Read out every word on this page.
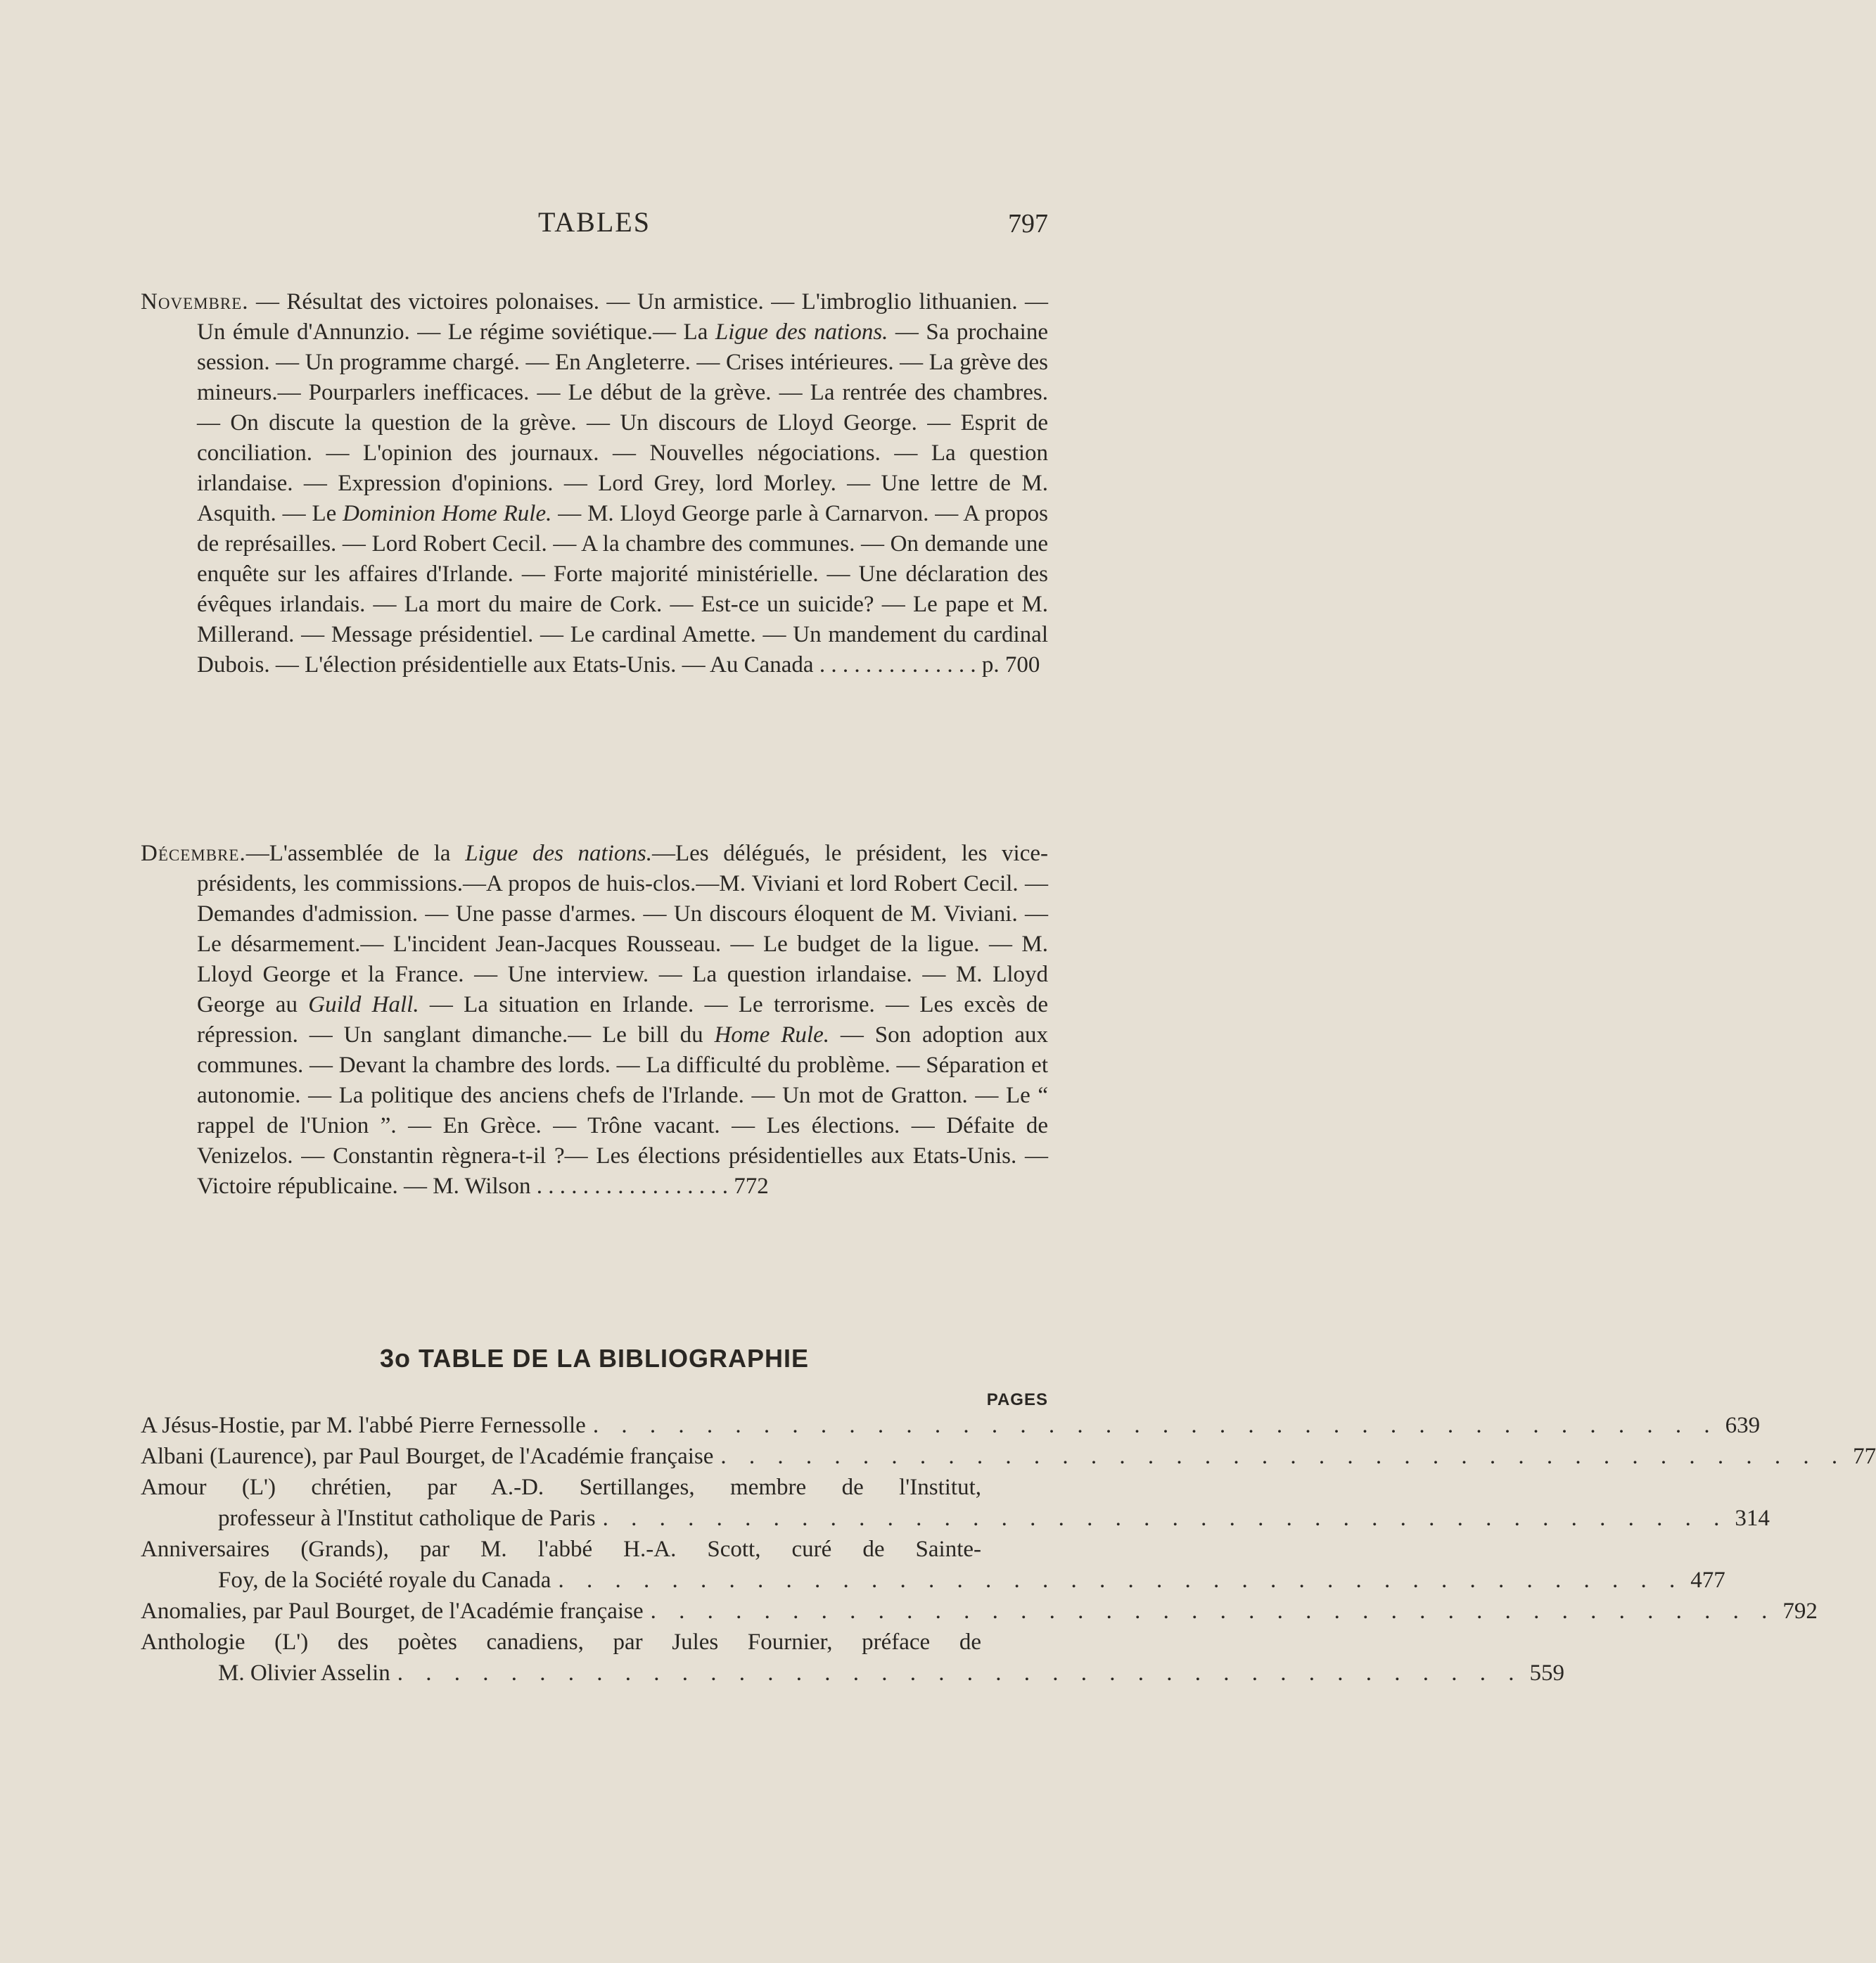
TABLES	797

Novembre. — Résultat des victoires polonaises. — Un armistice. — L'imbroglio lithuanien. — Un émule d'Annunzio. — Le régime soviétique.— La Ligue des nations. — Sa prochaine session. — Un programme chargé. — En Angleterre. — Crises intérieures. — La grève des mineurs.— Pourparlers inefficaces. — Le début de la grève. — La rentrée des chambres. — On discute la question de la grève. — Un discours de Lloyd George. — Esprit de conciliation. — L'opinion des journaux. — Nouvelles négociations. — La question irlandaise. — Expression d'opinions. — Lord Grey, lord Morley. — Une lettre de M. Asquith. — Le Dominion Home Rule. — M. Lloyd George parle à Carnarvon. — A propos de représailles. — Lord Robert Cecil. — A la chambre des communes. — On demande une enquête sur les affaires d'Irlande. — Forte majorité ministérielle. — Une déclaration des évêques irlandais. — La mort du maire de Cork. — Est-ce un suicide? — Le pape et M. Millerand. — Message présidentiel. — Le cardinal Amette. — Un mandement du cardinal Dubois. — L'élection présidentielle aux Etats-Unis. — Au Canada . . . . . . . . . . . . . . p. 700

Décembre.—L'assemblée de la Ligue des nations.—Les délégués, le président, les vice-présidents, les commissions.—A propos de huis-clos.—M. Viviani et lord Robert Cecil. — Demandes d'admission. — Une passe d'armes. — Un discours éloquent de M. Viviani. — Le désarmement.— L'incident Jean-Jacques Rousseau. — Le budget de la ligue. — M. Lloyd George et la France. — Une interview. — La question irlandaise. — M. Lloyd George au Guild Hall. — La situation en Irlande. — Le terrorisme. — Les excès de répression. — Un sanglant dimanche.— Le bill du Home Rule. — Son adoption aux communes. — Devant la chambre des lords. — La difficulté du problème. — Séparation et autonomie. — La politique des anciens chefs de l'Irlande. — Un mot de Gratton. — Le “ rappel de l'Union ”. — En Grèce. — Trône vacant. — Les élections. — Défaite de Venizelos. — Constantin règnera-t-il ?— Les élections présidentielles aux Etats-Unis. — Victoire républicaine. — M. Wilson . . . . . . . . . . . . . . . . . 772

3o TABLE DE LA BIBLIOGRAPHIE
PAGES
A Jésus-Hostie, par M. l'abbé Pierre Fernessolle . . . . . . . . . . . . . . . . . . . . . . . . . . . . . . . . . . . . . . . . 639
Albani (Laurence), par Paul Bourget, de l'Académie française . . . . . . . . . . . . . . . . . . . . . . . . . . . . . . . . . . . . . . . . 77
Amour (L') chrétien, par A.-D. Sertillanges, membre de l'Institut,
professeur à l'Institut catholique de Paris . . . . . . . . . . . . . . . . . . . . . . . . . . . . . . . . . . . . . . . . 314
Anniversaires (Grands), par M. l'abbé H.-A. Scott, curé de Sainte-
Foy, de la Société royale du Canada . . . . . . . . . . . . . . . . . . . . . . . . . . . . . . . . . . . . . . . . 477
Anomalies, par Paul Bourget, de l'Académie française . . . . . . . . . . . . . . . . . . . . . . . . . . . . . . . . . . . . . . . . 792
Anthologie (L') des poètes canadiens, par Jules Fournier, préface de
M. Olivier Asselin . . . . . . . . . . . . . . . . . . . . . . . . . . . . . . . . . . . . . . . . 559
